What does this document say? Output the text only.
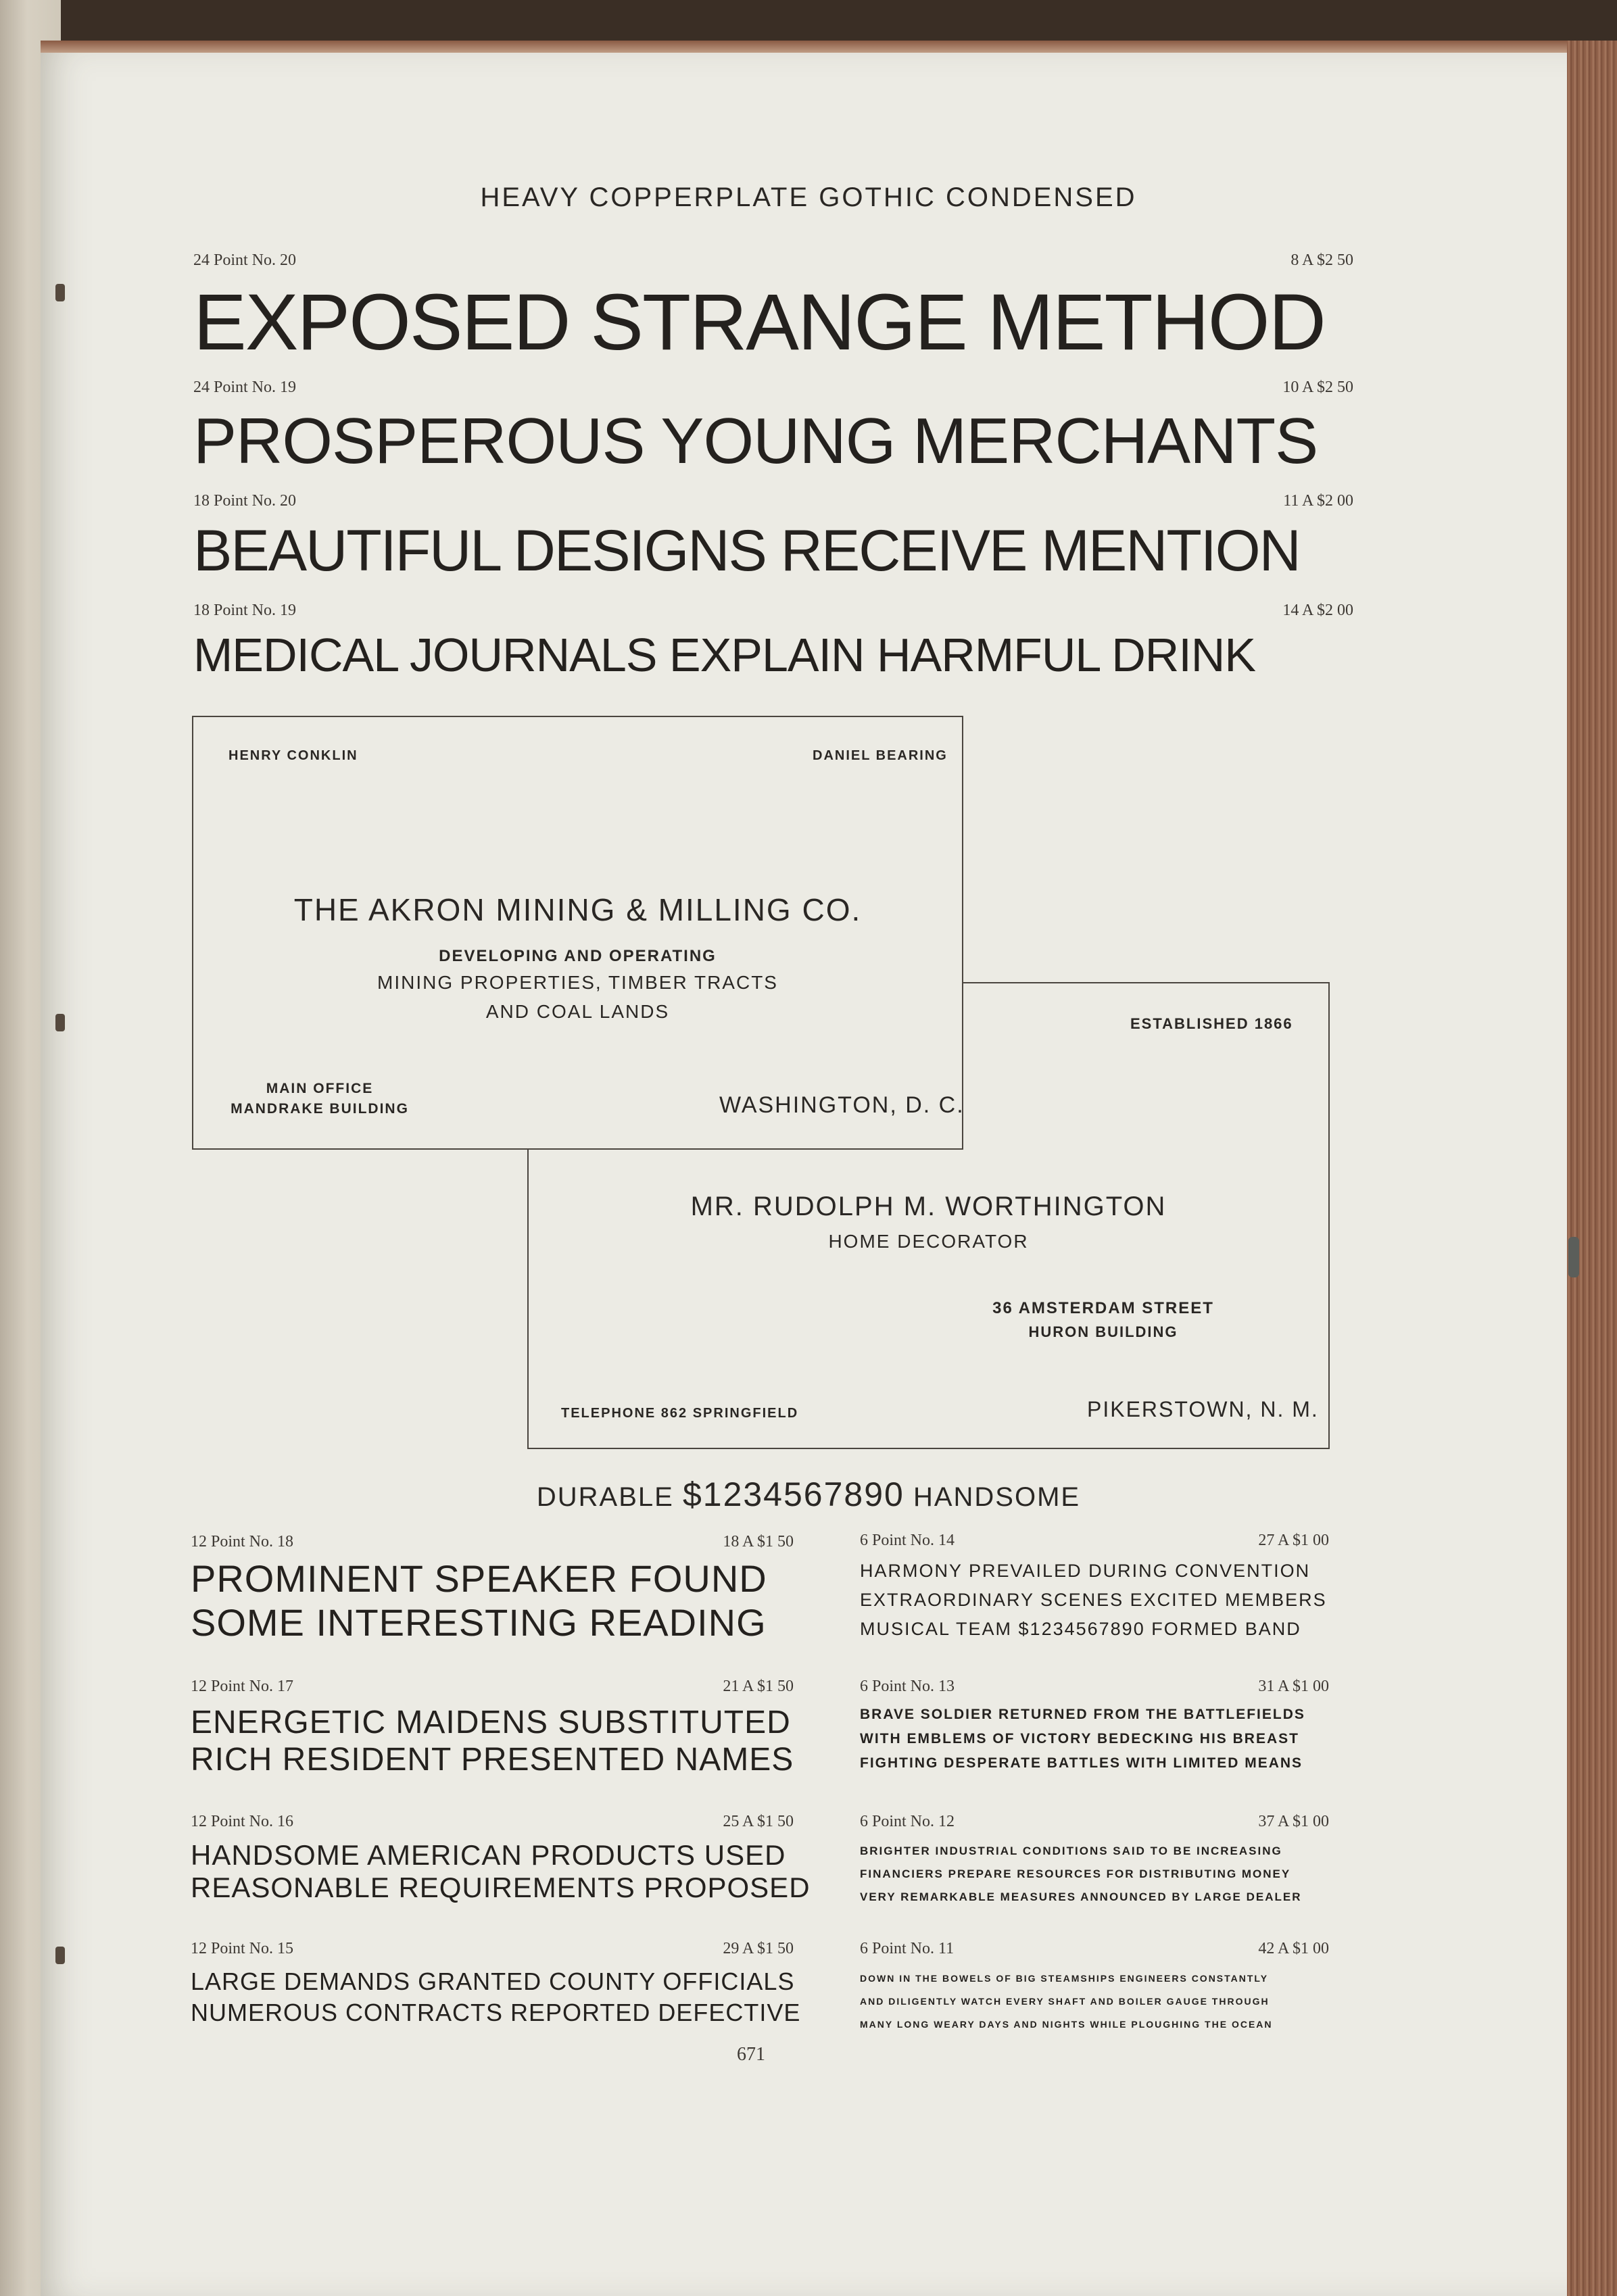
HEAVY COPPERPLATE GOTHIC CONDENSED
24 Point No. 20	8 A $2 50
EXPOSED STRANGE METHOD
24 Point No. 19	10 A $2 50
PROSPEROUS YOUNG MERCHANTS
18 Point No. 20	11 A $2 00
BEAUTIFUL DESIGNS RECEIVE MENTION
18 Point No. 19	14 A $2 00
MEDICAL JOURNALS EXPLAIN HARMFUL DRINK
ESTABLISHED 1866
MR. RUDOLPH M. WORTHINGTON
HOME DECORATOR
36 AMSTERDAM STREET
HURON BUILDING
TELEPHONE 862 SPRINGFIELD	PIKERSTOWN, N. M.
HENRY CONKLIN	DANIEL BEARING
THE AKRON MINING & MILLING CO.
DEVELOPING AND OPERATING
MINING PROPERTIES, TIMBER TRACTS
AND COAL LANDS
MAIN OFFICE
MANDRAKE BUILDING	WASHINGTON, D. C.
DURABLE $1234567890 HANDSOME
12 Point No. 18	18 A $1 50
PROMINENT SPEAKER FOUND
SOME INTERESTING READING
12 Point No. 17	21 A $1 50
ENERGETIC MAIDENS SUBSTITUTED
RICH RESIDENT PRESENTED NAMES
12 Point No. 16	25 A $1 50
HANDSOME AMERICAN PRODUCTS USED
REASONABLE REQUIREMENTS PROPOSED
12 Point No. 15	29 A $1 50
LARGE DEMANDS GRANTED COUNTY OFFICIALS
NUMEROUS CONTRACTS REPORTED DEFECTIVE
6 Point No. 14	27 A $1 00
HARMONY PREVAILED DURING CONVENTION
EXTRAORDINARY SCENES EXCITED MEMBERS
MUSICAL TEAM $1234567890 FORMED BAND
6 Point No. 13	31 A $1 00
BRAVE SOLDIER RETURNED FROM THE BATTLEFIELDS
WITH EMBLEMS OF VICTORY BEDECKING HIS BREAST
FIGHTING DESPERATE BATTLES WITH LIMITED MEANS
6 Point No. 12	37 A $1 00
BRIGHTER INDUSTRIAL CONDITIONS SAID TO BE INCREASING
FINANCIERS PREPARE RESOURCES FOR DISTRIBUTING MONEY
VERY REMARKABLE MEASURES ANNOUNCED BY LARGE DEALER
6 Point No. 11	42 A $1 00
DOWN IN THE BOWELS OF BIG STEAMSHIPS ENGINEERS CONSTANTLY
AND DILIGENTLY WATCH EVERY SHAFT AND BOILER GAUGE THROUGH
MANY LONG WEARY DAYS AND NIGHTS WHILE PLOUGHING THE OCEAN
671
